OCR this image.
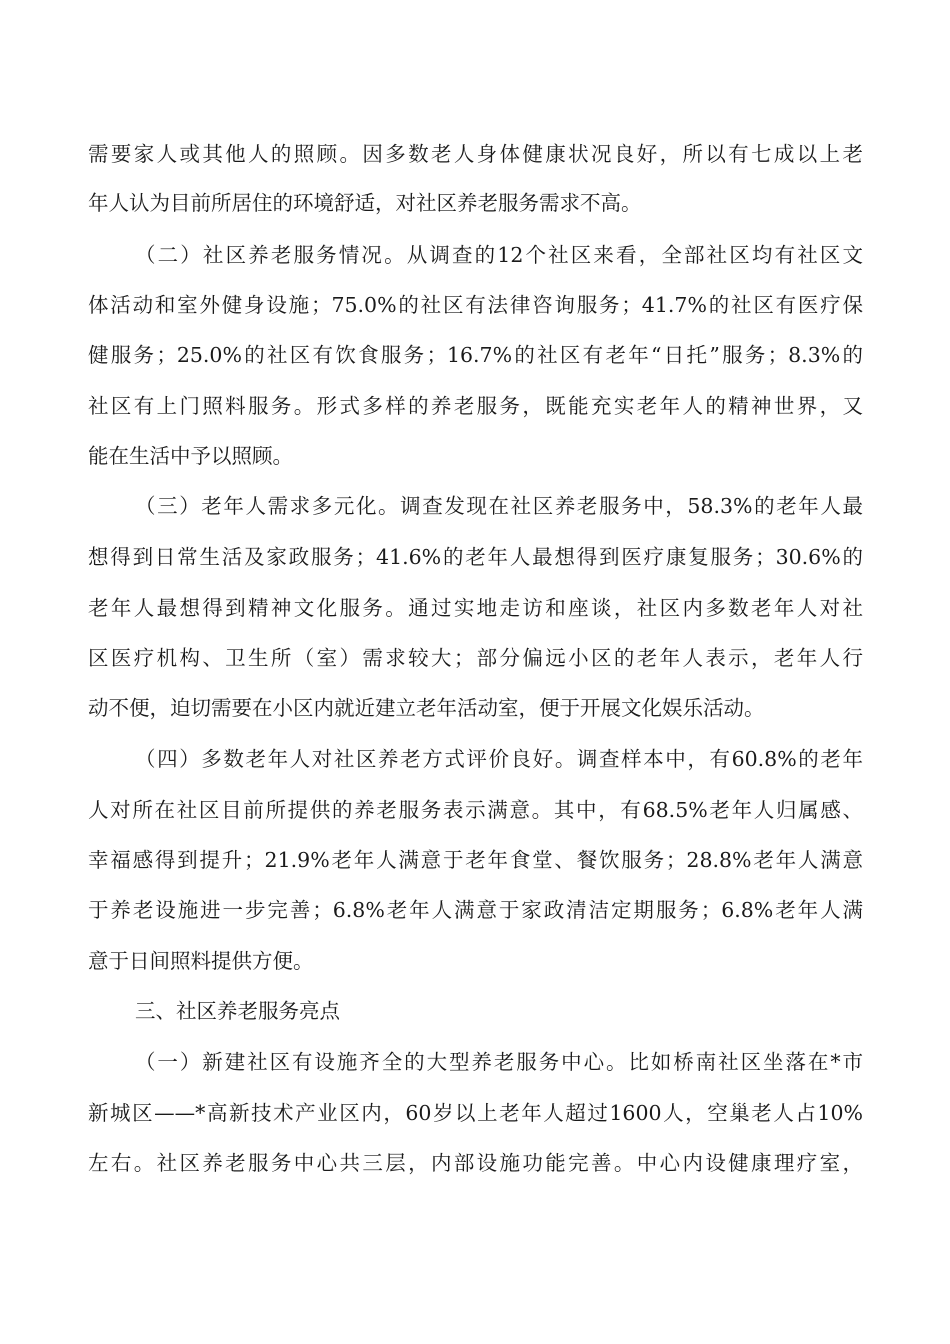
需要家人或其他人的照顾。因多数老人身体健康状况良好，所以有七成以上老
年人认为目前所居住的环境舒适，对社区养老服务需求不高。
（二）社区养老服务情况。从调查的12个社区来看，全部社区均有社区文
体活动和室外健身设施；75.0%的社区有法律咨询服务；41.7%的社区有医疗保
健服务；25.0%的社区有饮食服务；16.7%的社区有老年“日托”服务；8.3%的
社区有上门照料服务。形式多样的养老服务，既能充实老年人的精神世界，又
能在生活中予以照顾。
（三）老年人需求多元化。调查发现在社区养老服务中，58.3%的老年人最
想得到日常生活及家政服务；41.6%的老年人最想得到医疗康复服务；30.6%的
老年人最想得到精神文化服务。通过实地走访和座谈，社区内多数老年人对社
区医疗机构、卫生所（室）需求较大；部分偏远小区的老年人表示，老年人行
动不便，迫切需要在小区内就近建立老年活动室，便于开展文化娱乐活动。
（四）多数老年人对社区养老方式评价良好。调查样本中，有60.8%的老年
人对所在社区目前所提供的养老服务表示满意。其中，有68.5%老年人归属感、
幸福感得到提升；21.9%老年人满意于老年食堂、餐饮服务；28.8%老年人满意
于养老设施进一步完善；6.8%老年人满意于家政清洁定期服务；6.8%老年人满
意于日间照料提供方便。
三、社区养老服务亮点
（一）新建社区有设施齐全的大型养老服务中心。比如桥南社区坐落在*市
新城区——*高新技术产业区内，60岁以上老年人超过1600人，空巢老人占10%
左右。社区养老服务中心共三层，内部设施功能完善。中心内设健康理疗室，
